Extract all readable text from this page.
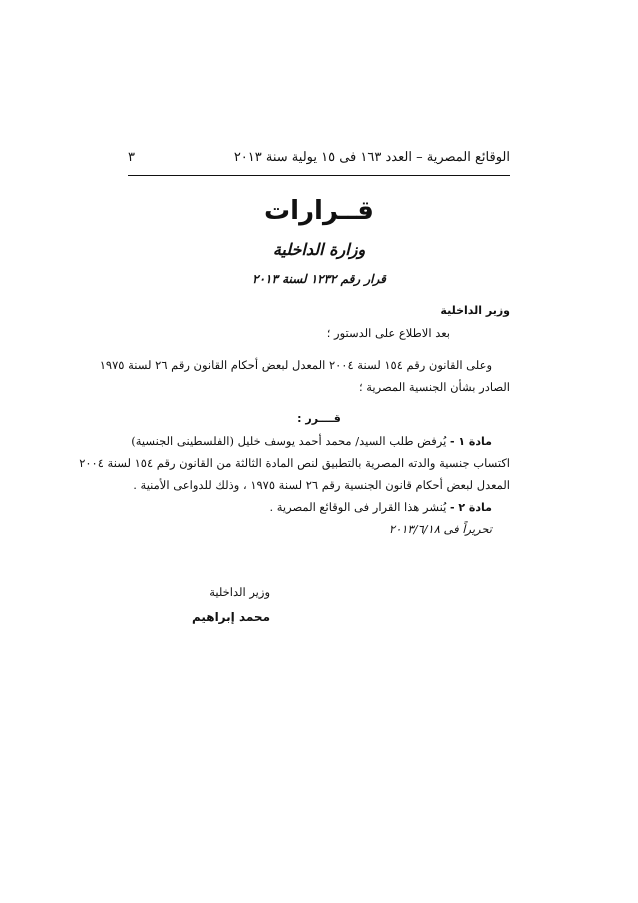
الوقائع المصرية – العدد ١٦٣ فى ١٥ يولية سنة ٢٠١٣
٣
قــرارات
وزارة الداخلية
قرار رقم ١٢٣٢ لسنة ٢٠١٣
وزير الداخلية
بعد الاطلاع على الدستور ؛
وعلى القانون رقم ١٥٤ لسنة ٢٠٠٤ المعدل لبعض أحكام القانون رقم ٢٦ لسنة ١٩٧٥
الصادر بشأن الجنسية المصرية ؛
قــــرر :
مادة ١ - يُرفض طلب السيد/ محمد أحمد يوسف خليل (الفلسطينى الجنسية)
اكتساب جنسية والدته المصرية بالتطبيق لنص المادة الثالثة من القانون رقم ١٥٤ لسنة ٢٠٠٤
المعدل لبعض أحكام قانون الجنسية رقم ٢٦ لسنة ١٩٧٥ ، وذلك للدواعى الأمنية .
مادة ٢ - يُنشر هذا القرار فى الوقائع المصرية .
تحريراً فى ٢٠١٣/٦/١٨
وزير الداخلية
محمد إبراهيم
